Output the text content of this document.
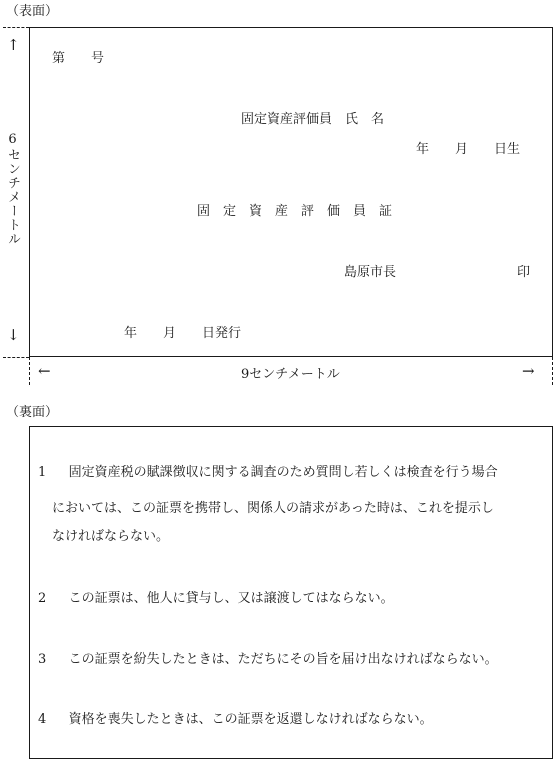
（表面）
↑
6センチメートル
↓
←	9センチメートル	→
第　　号
固定資産評価員　氏　名
年　　月　　日生
固　定　資　産　評　価　員　証
島原市長	印
年　　月　　日発行
（裏面）
1 固定資産税の賦課徴収に関する調査のため質問し若しくは検査を行う場合
においては、この証票を携帯し、関係人の請求があった時は、これを提示し
なければならない。
2 この証票は、他人に貸与し、又は譲渡してはならない。
3 この証票を紛失したときは、ただちにその旨を届け出なければならない。
4 資格を喪失したときは、この証票を返還しなければならない。
